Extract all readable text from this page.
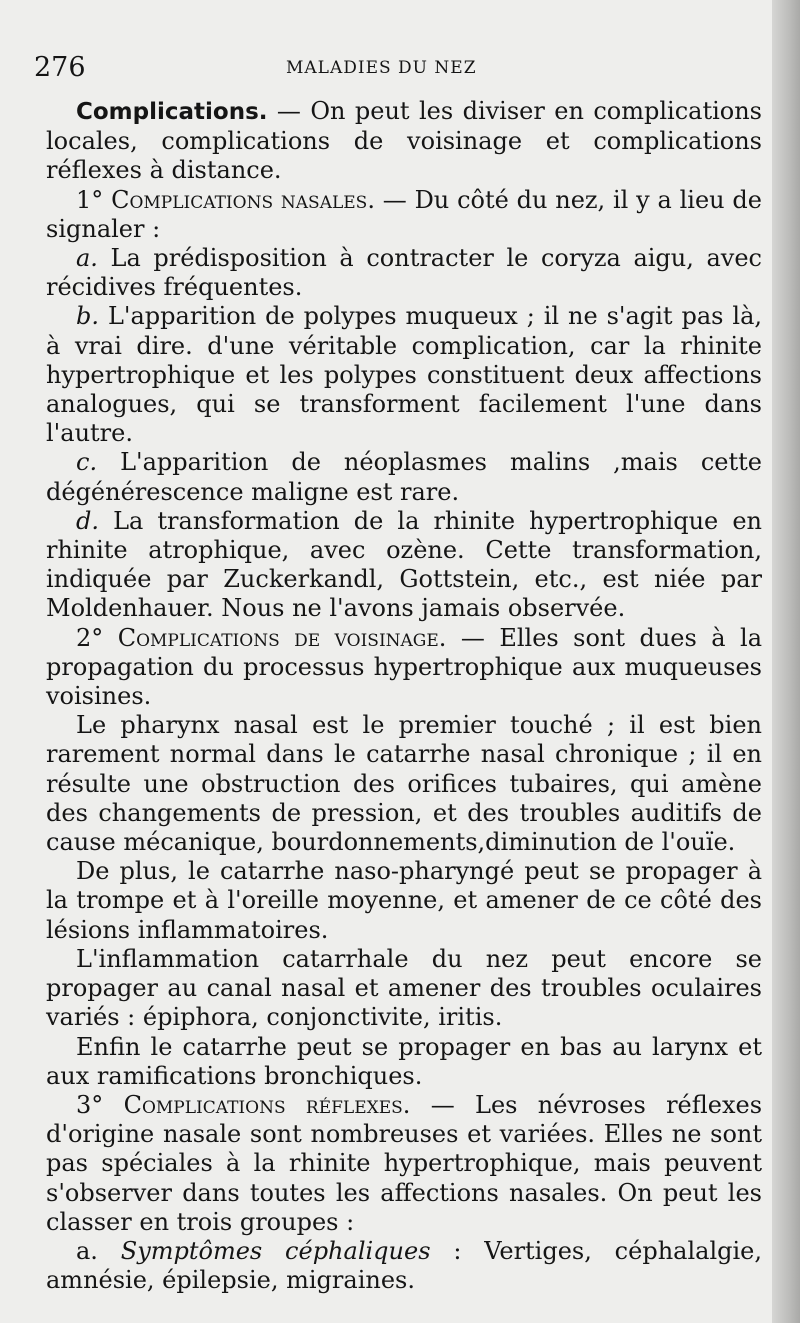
276	MALADIES DU NEZ

Complications. — On peut les diviser en complications locales, complications de voisinage et complications réflexes à distance.

1° Complications nasales. — Du côté du nez, il y a lieu de signaler :

a. La prédisposition à contracter le coryza aigu, avec récidives fréquentes.

b. L'apparition de polypes muqueux ; il ne s'agit pas là, à vrai dire. d'une véritable complication, car la rhinite hypertrophique et les polypes constituent deux affections analogues, qui se transforment facilement l'une dans l'autre.

c. L'apparition de néoplasmes malins ,mais cette dégénérescence maligne est rare.

d. La transformation de la rhinite hypertrophique en rhinite atrophique, avec ozène. Cette transformation, indiquée par Zuckerkandl, Gottstein, etc., est niée par Moldenhauer. Nous ne l'avons jamais observée.

2° Complications de voisinage. — Elles sont dues à la propagation du processus hypertrophique aux muqueuses voisines.

Le pharynx nasal est le premier touché ; il est bien rarement normal dans le catarrhe nasal chronique ; il en résulte une obstruction des orifices tubaires, qui amène des changements de pression, et des troubles auditifs de cause mécanique, bourdonnements,diminution de l'ouïe.

De plus, le catarrhe naso-pharyngé peut se propager à la trompe et à l'oreille moyenne, et amener de ce côté des lésions inflammatoires.

L'inflammation catarrhale du nez peut encore se propager au canal nasal et amener des troubles oculaires variés : épiphora, conjonctivite, iritis.

Enfin le catarrhe peut se propager en bas au larynx et aux ramifications bronchiques.

3° Complications réflexes. — Les névroses réflexes d'origine nasale sont nombreuses et variées. Elles ne sont pas spéciales à la rhinite hypertrophique, mais peuvent s'observer dans toutes les affections nasales. On peut les classer en trois groupes :

a. Symptômes céphaliques : Vertiges, céphalalgie, amnésie, épilepsie, migraines.
